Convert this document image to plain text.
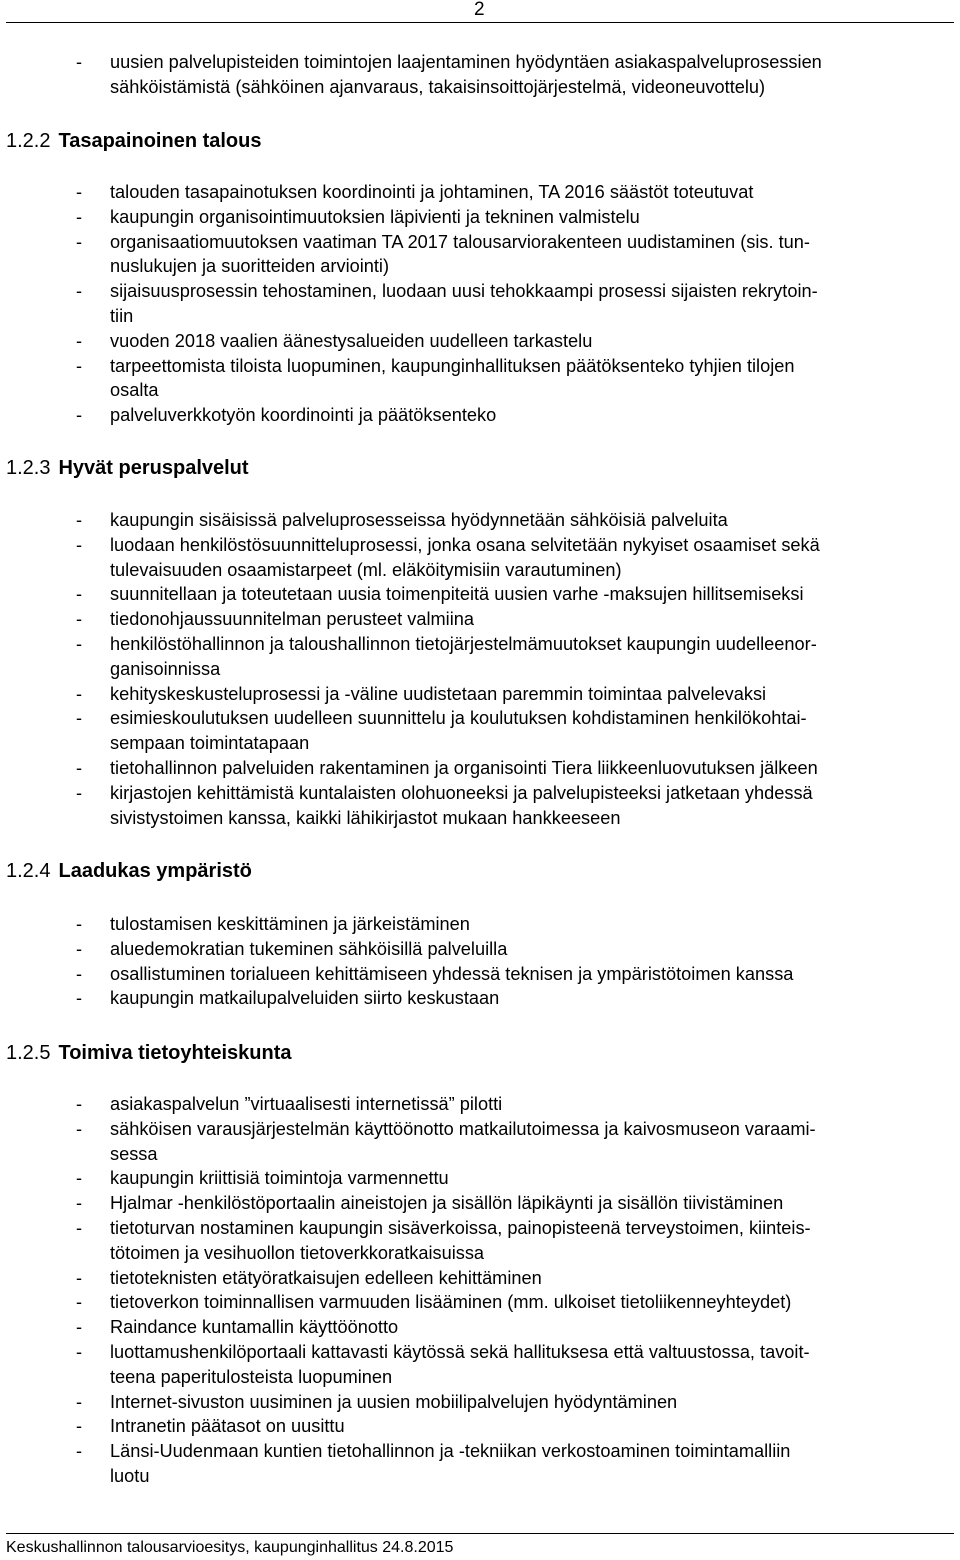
2
- uusien palvelupisteiden toimintojen laajentaminen hyödyntäen asiakaspalveluprosessien
sähköistämistä (sähköinen ajanvaraus, takaisinsoittojärjestelmä, videoneuvottelu)
1.2.2 Tasapainoinen talous
- talouden tasapainotuksen koordinointi ja johtaminen, TA 2016 säästöt toteutuvat
- kaupungin organisointimuutoksien läpivienti ja tekninen valmistelu
- organisaatiomuutoksen vaatiman TA 2017 talousarviorakenteen uudistaminen (sis. tun-
nuslukujen ja suoritteiden arviointi)
- sijaisuusprosessin tehostaminen, luodaan uusi tehokkaampi prosessi sijaisten rekrytoin-
tiin
- vuoden 2018 vaalien äänestysalueiden uudelleen tarkastelu
- tarpeettomista tiloista luopuminen, kaupunginhallituksen päätöksenteko tyhjien tilojen
osalta
- palveluverkkotyön koordinointi ja päätöksenteko
1.2.3 Hyvät peruspalvelut
- kaupungin sisäisissä palveluprosesseissa hyödynnetään sähköisiä palveluita
- luodaan henkilöstösuunnitteluprosessi, jonka osana selvitetään nykyiset osaamiset sekä
tulevaisuuden osaamistarpeet (ml. eläköitymisiin varautuminen)
- suunnitellaan ja toteutetaan uusia toimenpiteitä uusien varhe -maksujen hillitsemiseksi
- tiedonohjaussuunnitelman perusteet valmiina
- henkilöstöhallinnon ja taloushallinnon tietojärjestelmämuutokset kaupungin uudelleenor-
ganisoinnissa
- kehityskeskusteluprosessi ja -väline uudistetaan paremmin toimintaa palvelevaksi
- esimieskoulutuksen uudelleen suunnittelu ja koulutuksen kohdistaminen henkilökohtai-
sempaan toimintatapaan
- tietohallinnon palveluiden rakentaminen ja organisointi Tiera liikkeenluovutuksen jälkeen
- kirjastojen kehittämistä kuntalaisten olohuoneeksi ja palvelupisteeksi jatketaan yhdessä
sivistystoimen kanssa, kaikki lähikirjastot mukaan hankkeeseen
1.2.4 Laadukas ympäristö
- tulostamisen keskittäminen ja järkeistäminen
- aluedemokratian tukeminen sähköisillä palveluilla
- osallistuminen torialueen kehittämiseen yhdessä teknisen ja ympäristötoimen kanssa
- kaupungin matkailupalveluiden siirto keskustaan
1.2.5 Toimiva tietoyhteiskunta
- asiakaspalvelun ”virtuaalisesti internetissä” pilotti
- sähköisen varausjärjestelmän käyttöönotto matkailutoimessa ja kaivosmuseon varaami-
sessa
- kaupungin kriittisiä toimintoja varmennettu
- Hjalmar -henkilöstöportaalin aineistojen ja sisällön läpikäynti ja sisällön tiivistäminen
- tietoturvan nostaminen kaupungin sisäverkoissa, painopisteenä terveystoimen, kiinteis-
tötoimen ja vesihuollon tietoverkkoratkaisuissa
- tietoteknisten etätyöratkaisujen edelleen kehittäminen
- tietoverkon toiminnallisen varmuuden lisääminen (mm. ulkoiset tietoliikenneyhteydet)
- Raindance kuntamallin käyttöönotto
- luottamushenkilöportaali kattavasti käytössä sekä hallituksesa että valtuustossa, tavoit-
teena paperitulosteista luopuminen
- Internet-sivuston uusiminen ja uusien mobiilipalvelujen hyödyntäminen
- Intranetin päätasot on uusittu
- Länsi-Uudenmaan kuntien tietohallinnon ja -tekniikan verkostoaminen toimintamalliin
luotu
Keskushallinnon talousarvioesitys, kaupunginhallitus 24.8.2015
